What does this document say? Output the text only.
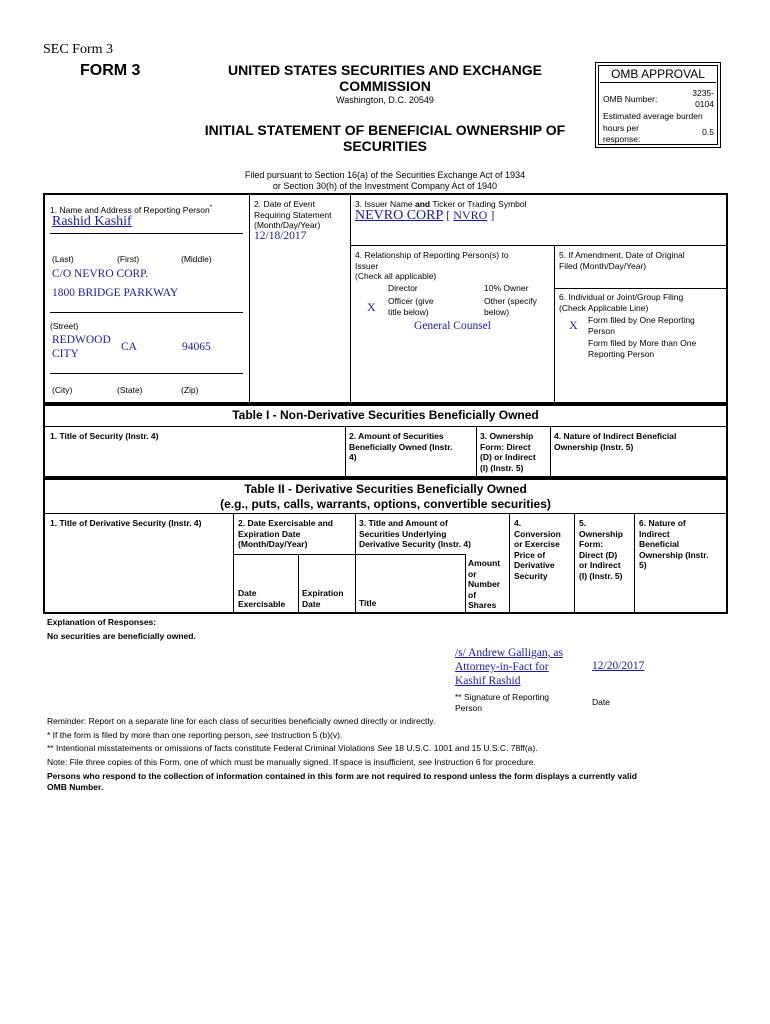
SEC Form 3
FORM 3	UNITED STATES SECURITIES AND EXCHANGE
COMMISSION
Washington, D.C. 20549
INITIAL STATEMENT OF BENEFICIAL OWNERSHIP OF
SECURITIES
OMB APPROVAL
OMB Number:
3235-
0104
Estimated average burden
hours per
response:
0.5
Filed pursuant to Section 16(a) of the Securities Exchange Act of 1934
or Section 30(h) of the Investment Company Act of 1940
1. Name and Address of Reporting Person*
Rashid Kashif
(Last)	(First)	(Middle)
C/O NEVRO CORP.
1800 BRIDGE PARKWAY
(Street)
REDWOOD
CITY
CA	94065
(City)	(State)	(Zip)
2. Date of Event
Requiring Statement
(Month/Day/Year)
12/18/2017
3. Issuer Name and Ticker or Trading Symbol
NEVRO CORP [ NVRO ]
4. Relationship of Reporting Person(s) to
Issuer
(Check all applicable)
Director	10% Owner
X Officer (give
title below)
Other (specify
below)
General Counsel
5. If Amendment, Date of Original
Filed (Month/Day/Year)
6. Individual or Joint/Group Filing
(Check Applicable Line)
X Form filed by One Reporting
Person
Form filed by More than One
Reporting Person
Table I - Non-Derivative Securities Beneficially Owned
1. Title of Security (Instr. 4)	2. Amount of Securities
Beneficially Owned (Instr.
4)
3. Ownership
Form: Direct
(D) or Indirect
(I) (Instr. 5)
4. Nature of Indirect Beneficial
Ownership (Instr. 5)
Table II - Derivative Securities Beneficially Owned
(e.g., puts, calls, warrants, options, convertible securities)
1. Title of Derivative Security (Instr. 4)	2. Date Exercisable and
Expiration Date
(Month/Day/Year)
3. Title and Amount of
Securities Underlying
Derivative Security (Instr. 4)
4.
Conversion
or Exercise
Price of
Derivative
Security
5.
Ownership
Form:
Direct (D)
or Indirect
(I) (Instr. 5)
6. Nature of
Indirect
Beneficial
Ownership (Instr.
5)
Date
Exercisable
Expiration
Date	Title
Amount
or
Number
of
Shares
Explanation of Responses:
No securities are beneficially owned.
/s/ Andrew Galligan, as
Attorney-in-Fact for
Kashif Rashid
12/20/2017
** Signature of Reporting
Person
Date
Reminder: Report on a separate line for each class of securities beneficially owned directly or indirectly.
* If the form is filed by more than one reporting person, see Instruction 5 (b)(v).
** Intentional misstatements or omissions of facts constitute Federal Criminal Violations See 18 U.S.C. 1001 and 15 U.S.C. 78ff(a).
Note: File three copies of this Form, one of which must be manually signed. If space is insufficient, see Instruction 6 for procedure.
Persons who respond to the collection of information contained in this form are not required to respond unless the form displays a currently valid
OMB Number.
